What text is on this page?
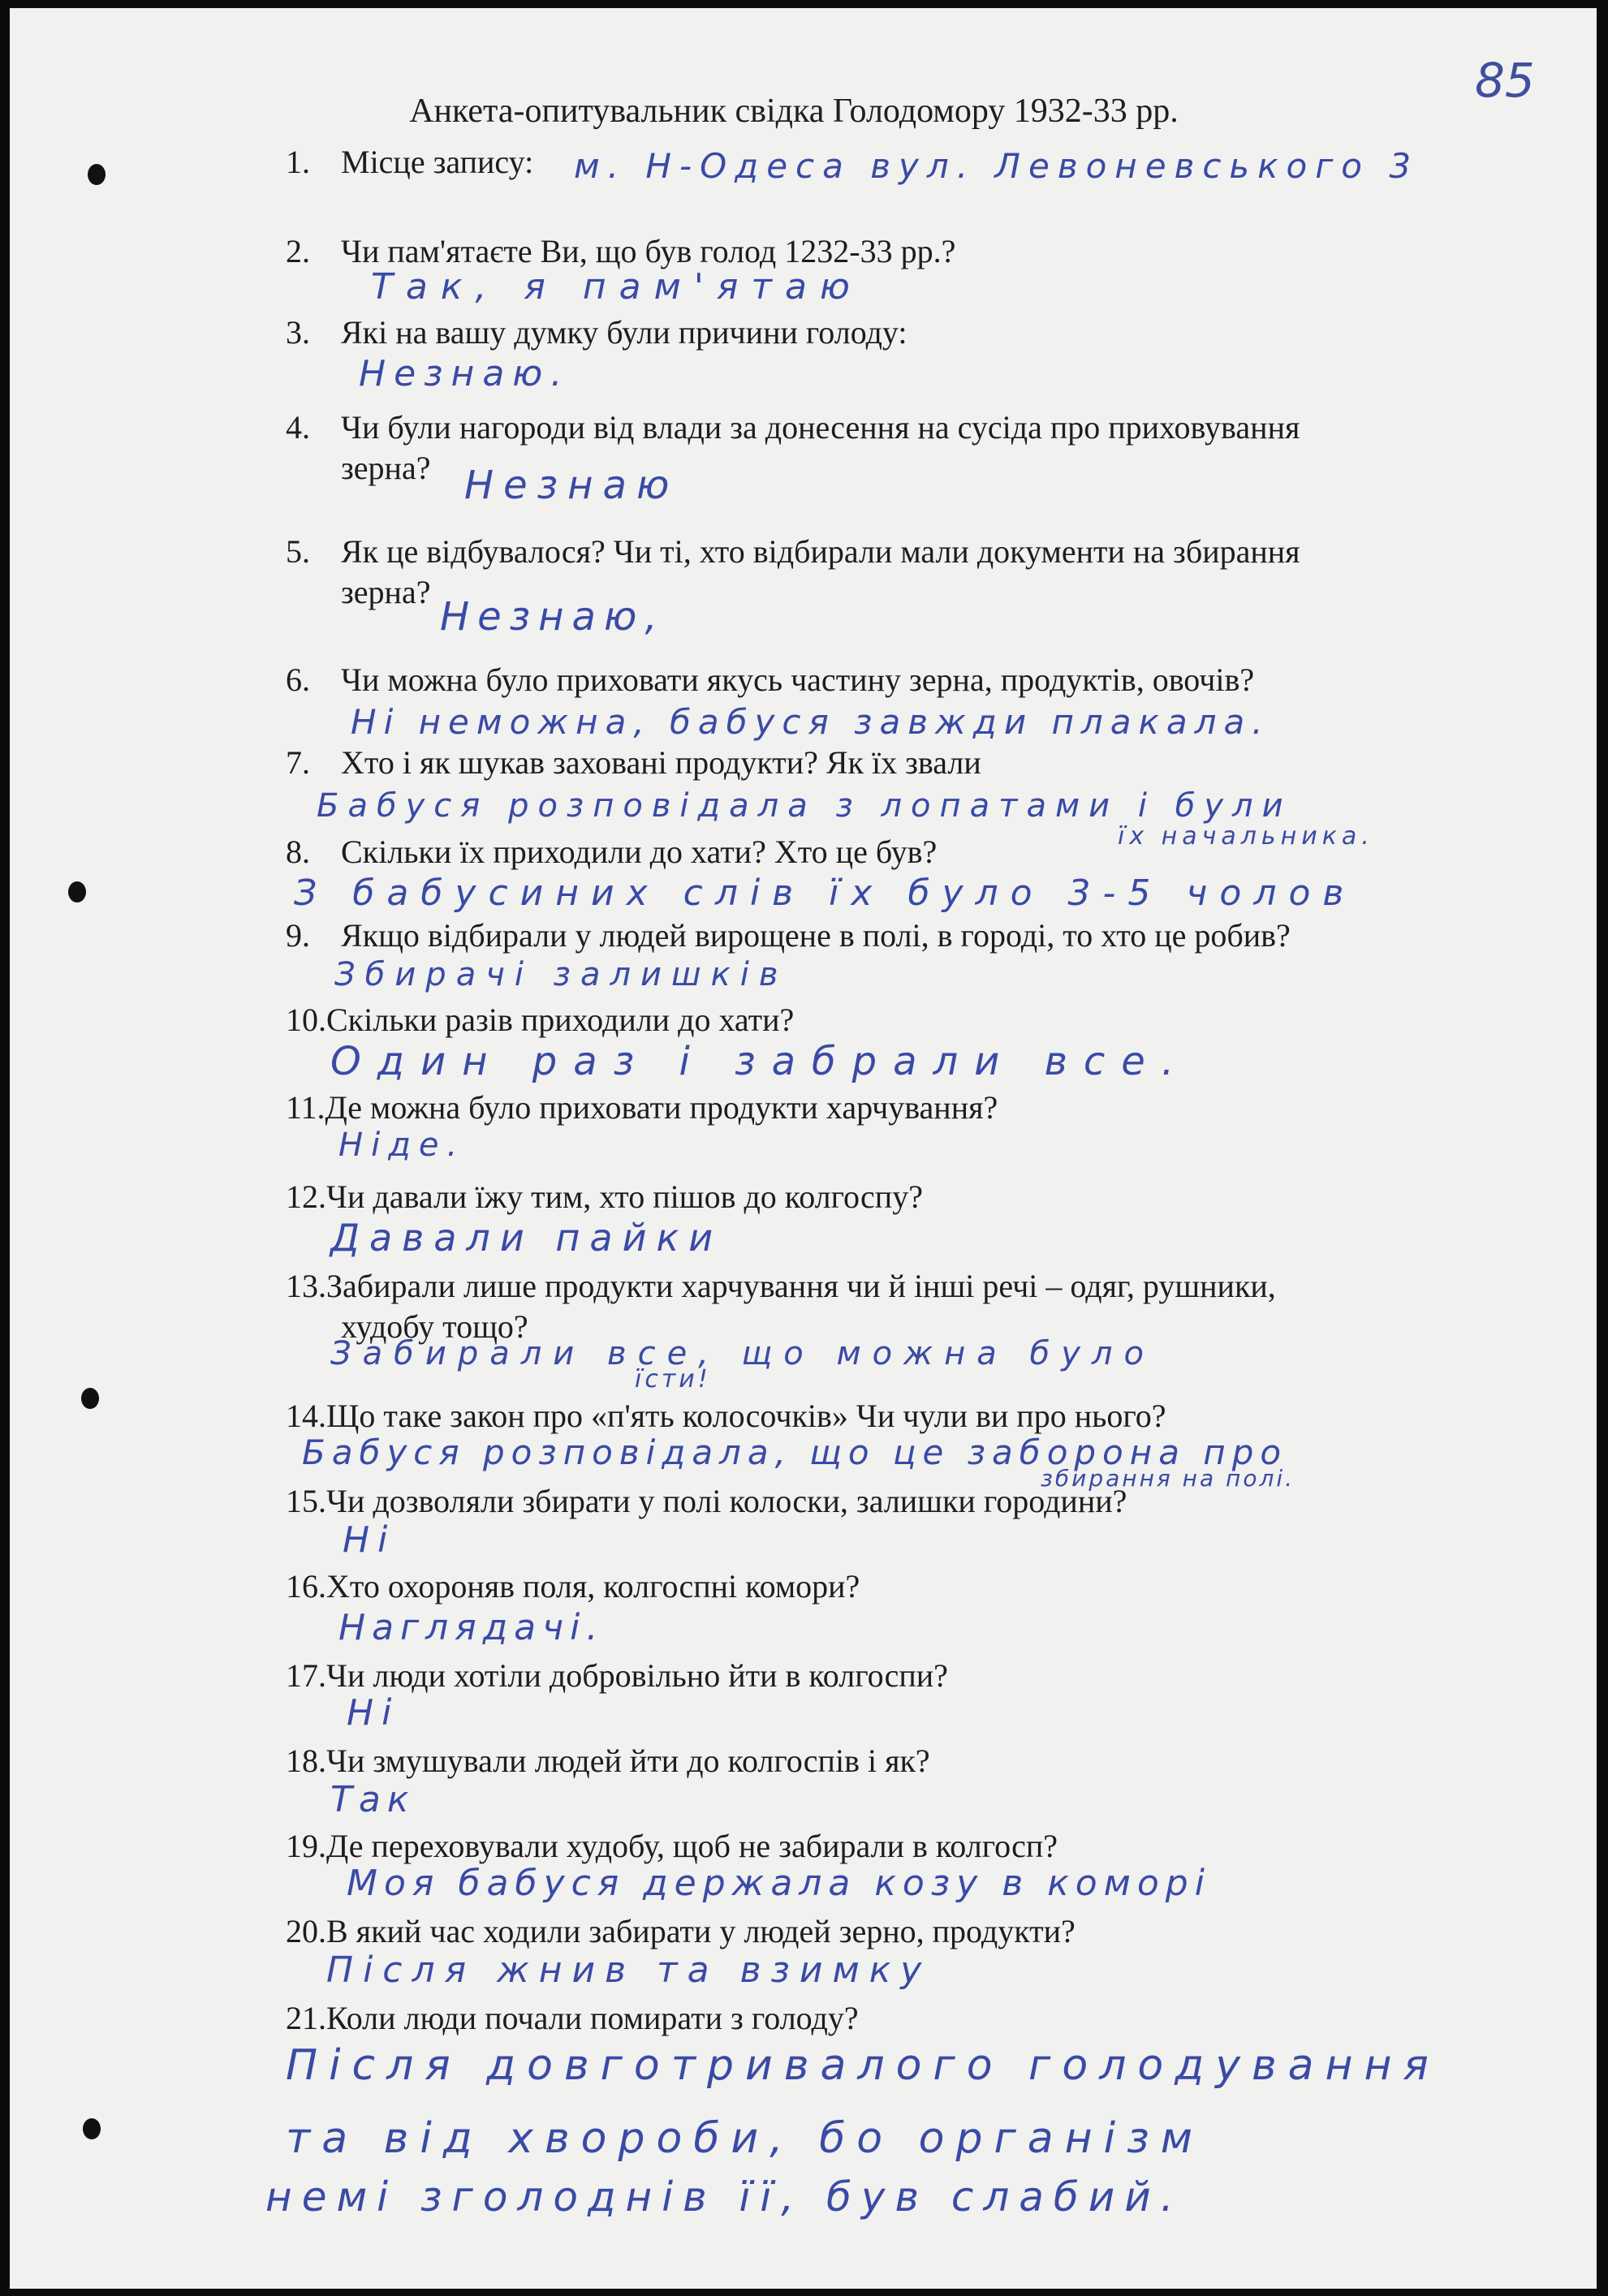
85
Анкета-опитувальник свідка Голодомору 1932-33 рр.
1. Місце запису: м. Н-Одеса вул. Левоневського 3
2. Чи пам'ятаєте Ви, що був голод 1232-33 рр.?
Так, я пам'ятаю
3. Які на вашу думку були причини голоду:
Незнаю.
4. Чи були нагороди від влади за донесення на сусіда про приховування
зерна? Незнаю
5. Як це відбувалося? Чи ті, хто відбирали мали документи на збирання
зерна?
Незнаю,
6. Чи можна було приховати якусь частину зерна, продуктів, овочів?
Ні неможна, бабуся завжди плакала.
7. Хто і як шукав заховані продукти? Як їх звали
Бабуся розповідала з лопатами і були
їх начальника.
8. Скільки їх приходили до хати? Хто це був?
З бабусиних слів їх було 3-5 чолов
9. Якщо відбирали у людей вирощене в полі, в городі, то хто це робив?
Збирачі залишків
10.Скільки разів приходили до хати?
Один раз і забрали все.
11.Де можна було приховати продукти харчування?
Ніде.
12.Чи давали їжу тим, хто пішов до колгоспу?
Давали пайки
13.Забирали лише продукти харчування чи й інші речі – одяг, рушники,
худобу тощо?
Забирали все, що можна було
їсти!
14.Що таке закон про «п'ять колосочків» Чи чули ви про нього?
Бабуся розповідала, що це заборона про
збирання на полі.
15.Чи дозволяли збирати у полі колоски, залишки городини?
Ні
16.Хто охороняв поля, колгоспні комори?
Наглядачі.
17.Чи люди хотіли добровільно йти в колгоспи?
Ні
18.Чи змушували людей йти до колгоспів і як?
Так
19.Де переховували худобу, щоб не забирали в колгосп?
Моя бабуся держала козу в коморі
20.В який час ходили забирати у людей зерно, продукти?
Після жнив та взимку
21.Коли люди почали помирати з голоду?
Після довготривалого голодування
та від хвороби, бо організм
немі зголоднів її, був слабий.
